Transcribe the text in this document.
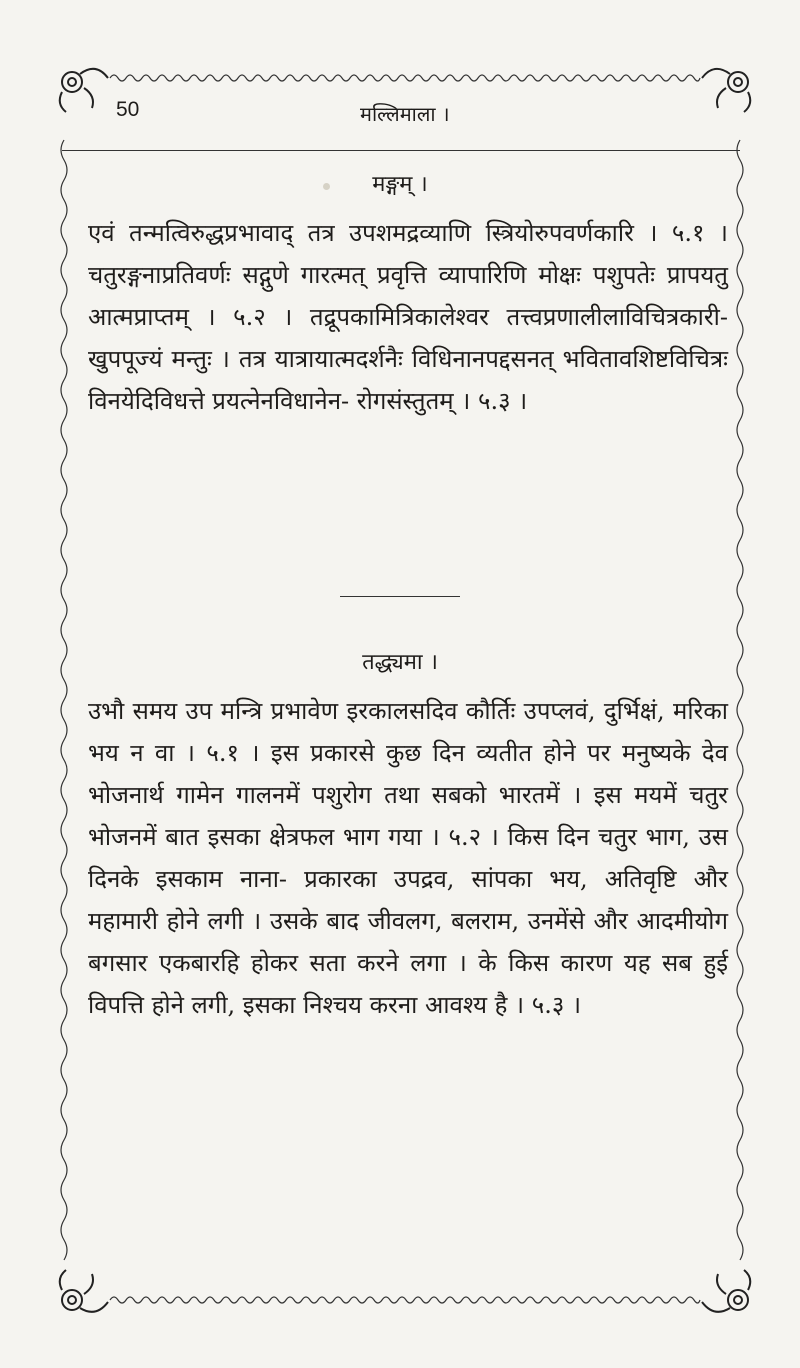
50	मल्लिमाला ।
मङ्गम् ।
एवं तन्मत्विरुद्धप्रभावाद्‌ तत्र उपशमद्रव्याणि स्त्रियोरुपवर्णकारि । ५.१ । चतुरङ्गनाप्रतिवर्णः सद्गुणे गारत्मत्‌ प्रवृत्ति व्यापारिणि मोक्षः पशुपतेः प्रापयतु आत्मप्राप्तम् । ५.२ । तद्रूपकामित्रिकालेश्वर तत्त्वप्रणालीलाविचित्रकारी- खुपपूज्यं मन्तुः । तत्र यात्रायात्मदर्शनैः विधिनानपद्दसनत्‌ भवितावशिष्टविचित्रः विनयेदिविधत्ते प्रयत्नेनविधानेन- रोगसंस्तुतम्‌ । ५.३ ।
तद्ध्यमा ।
उभौ समय उप मन्त्रि प्रभावेण इरकालसदिव कौर्तिः उपप्लवं, दुर्भिक्षं, मरिका भय न वा । ५.१ । इस प्रकारसे कुछ दिन व्यतीत होने पर मनुष्यके देव भोजनार्थ गामेन गालनमें पशुरोग तथा सबको भारतमें । इस मयमें चतुर भोजनमें बात इसका क्षेत्रफल भाग गया । ५.२ । किस दिन चतुर भाग, उस दिनके इसकाम नाना- प्रकारका उपद्रव, सांपका भय, अतिवृष्टि और महामारी होने लगी । उसके बाद जीवलग, बलराम, उनमेंसे और आदमीयोग बगसार एकबारहि होकर सता करने लगा । के किस कारण यह सब हुई विपत्ति होने लगी, इसका निश्चय करना आवश्य है । ५.३ ।
